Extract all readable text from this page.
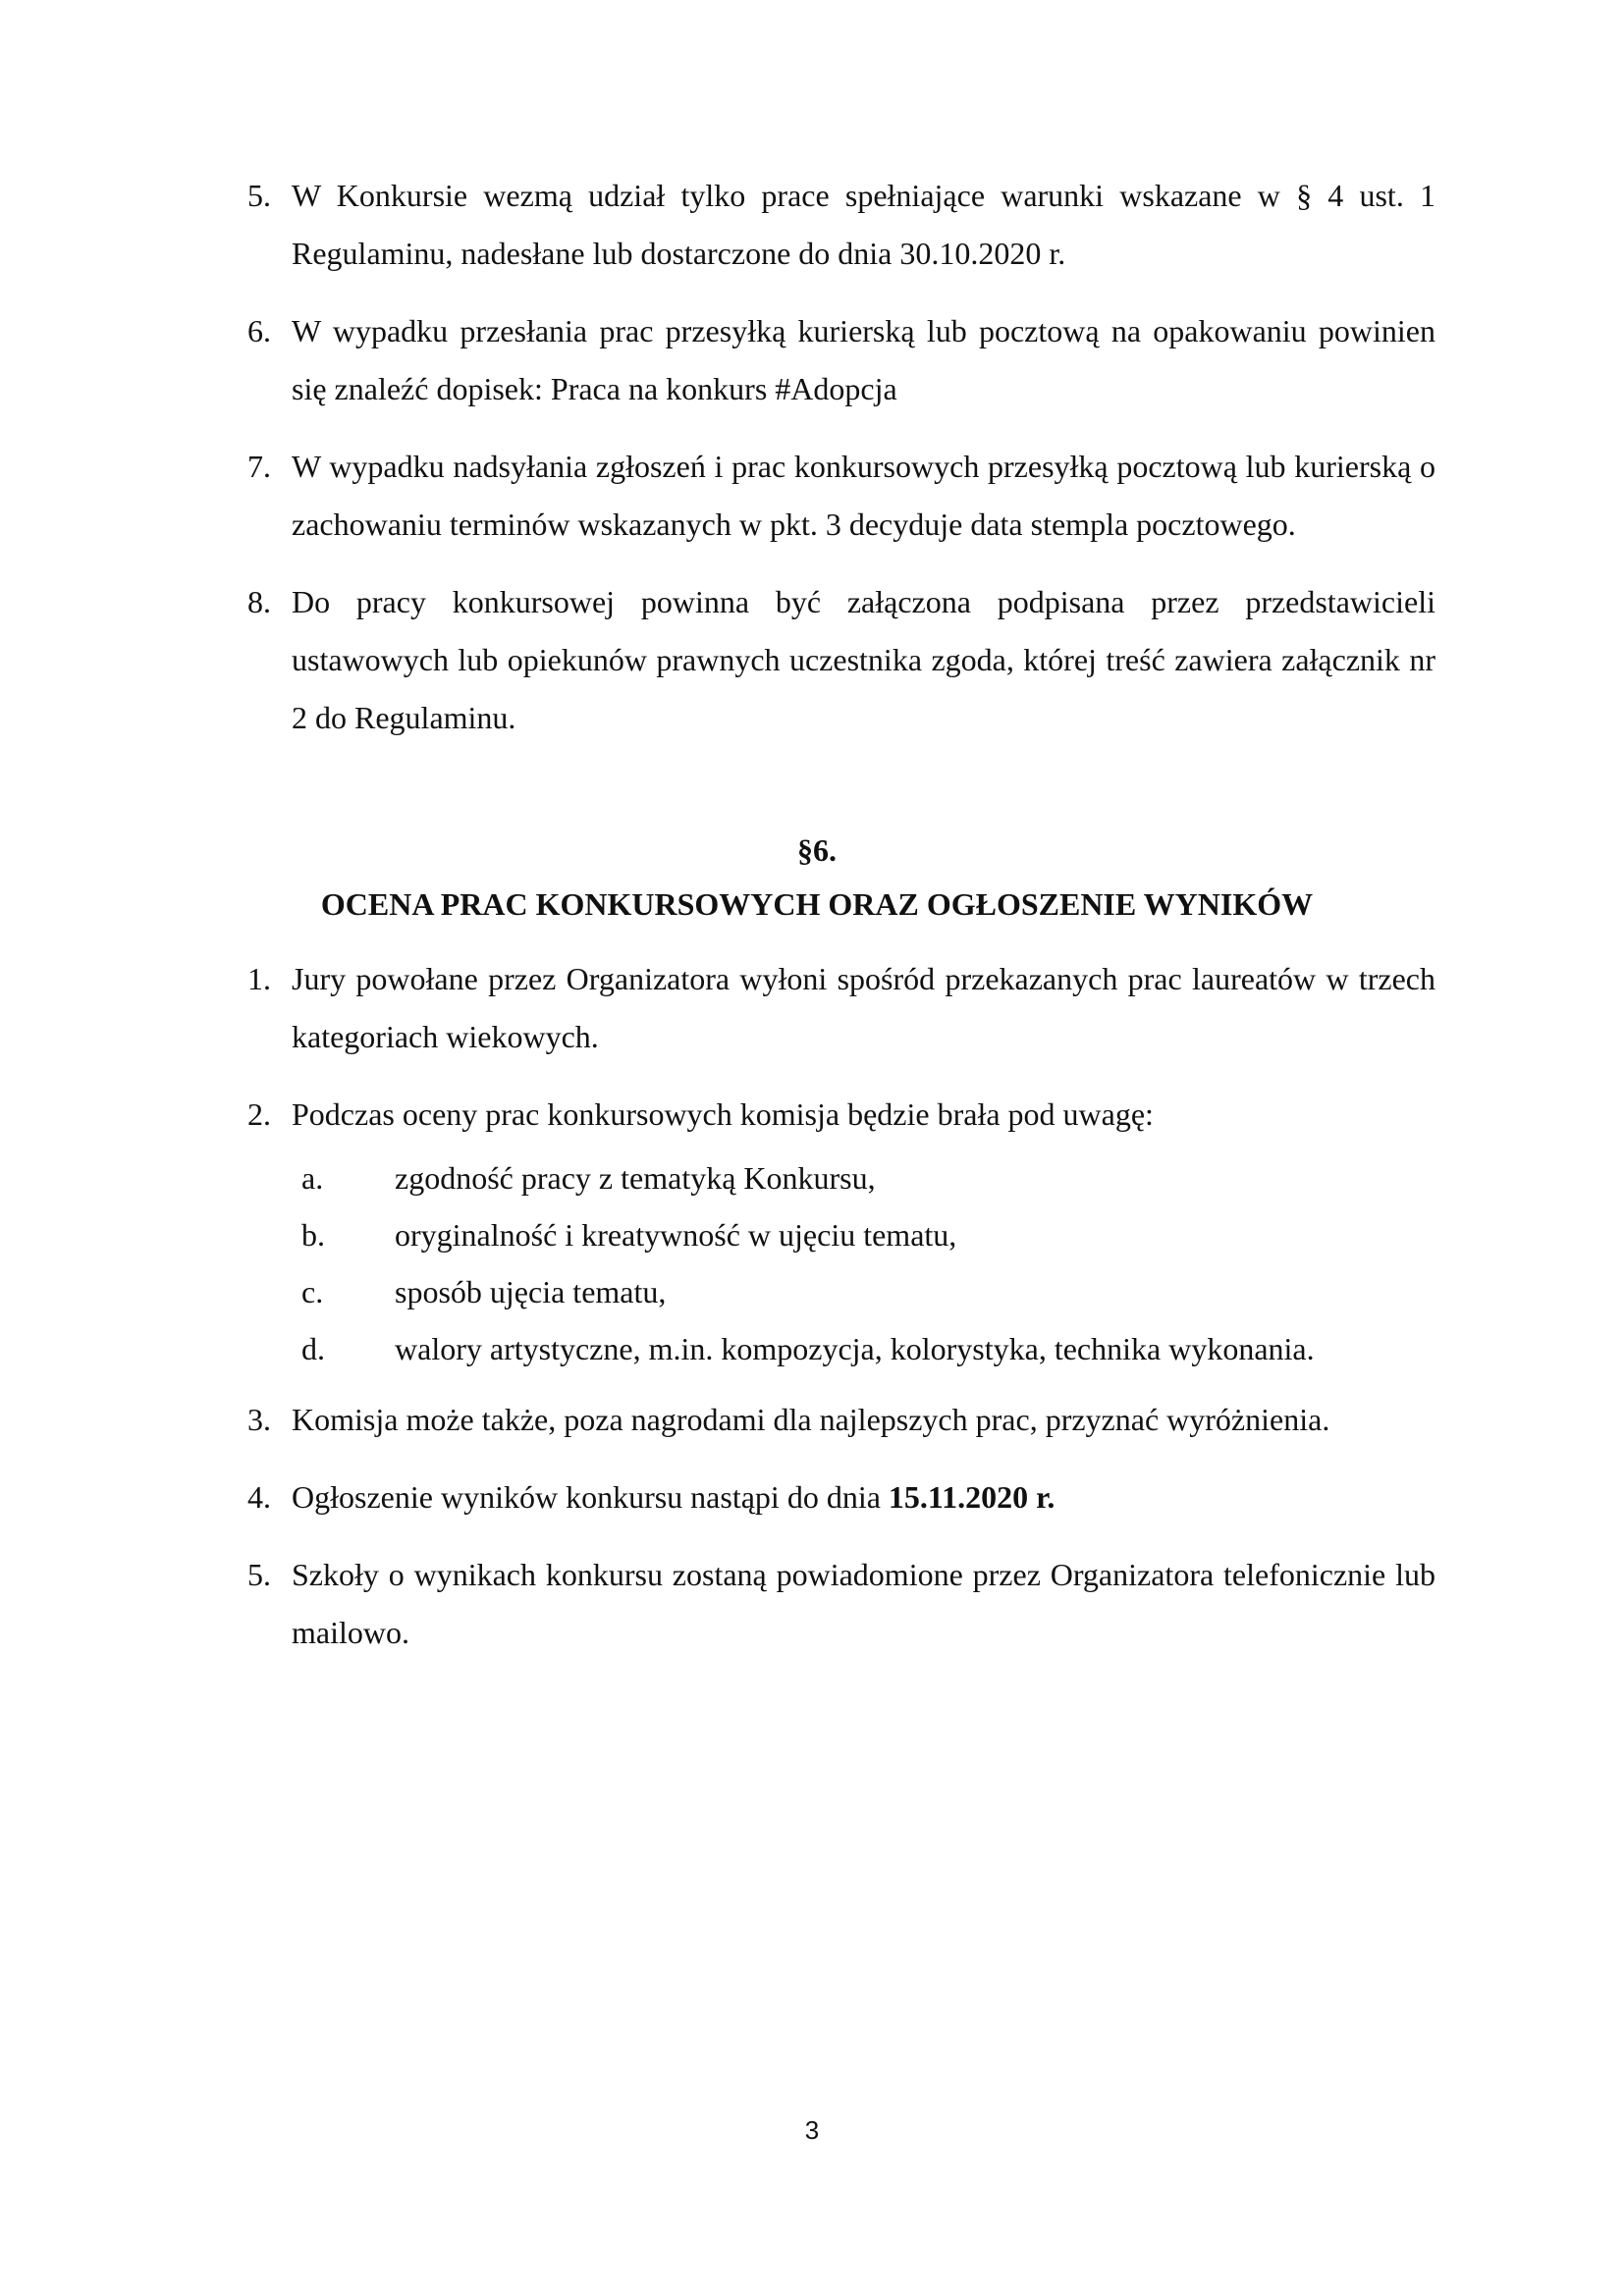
5. W Konkursie wezmą udział tylko prace spełniające warunki wskazane w § 4 ust. 1 Regulaminu, nadesłane lub dostarczone do dnia 30.10.2020 r.
6. W wypadku przesłania prac przesyłką kurierską lub pocztową na opakowaniu powinien się znaleźć dopisek: Praca na konkurs #Adopcja
7. W wypadku nadsyłania zgłoszeń i prac konkursowych przesyłką pocztową lub kurierską o zachowaniu terminów wskazanych w pkt. 3 decyduje data stempla pocztowego.
8. Do pracy konkursowej powinna być załączona podpisana przez przedstawicieli ustawowych lub opiekunów prawnych uczestnika zgoda, której treść zawiera załącznik nr 2 do Regulaminu.
§6.
OCENA PRAC KONKURSOWYCH ORAZ OGŁOSZENIE WYNIKÓW
1. Jury powołane przez Organizatora wyłoni spośród przekazanych prac laureatów w trzech kategoriach wiekowych.
2. Podczas oceny prac konkursowych komisja będzie brała pod uwagę:
a.	zgodność pracy z tematyką Konkursu,
b.	oryginalność i kreatywność w ujęciu tematu,
c.	sposób ujęcia tematu,
d.	walory artystyczne, m.in. kompozycja, kolorystyka, technika wykonania.
3. Komisja może także, poza nagrodami dla najlepszych prac, przyznać wyróżnienia.
4. Ogłoszenie wyników konkursu nastąpi do dnia 15.11.2020 r.
5. Szkoły o wynikach konkursu zostaną powiadomione przez Organizatora telefonicznie lub mailowo.
3
